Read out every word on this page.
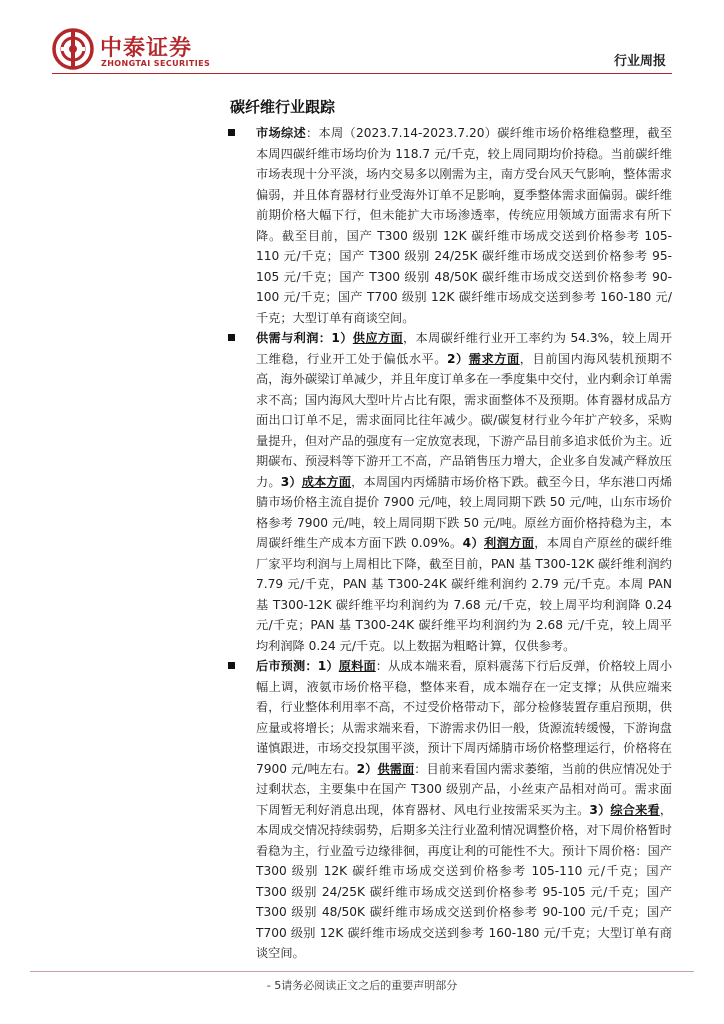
中泰证券
ZHONGTAI SECURITIES	行业周报
碳纤维行业跟踪
市场综述：本周（2023.7.14-2023.7.20）碳纤维市场价格维稳整理，截至本周四碳纤维市场均价为 118.7 元/千克，较上周同期均价持稳。当前碳纤维市场表现十分平淡，场内交易多以刚需为主，南方受台风天气影响，整体需求偏弱，并且体育器材行业受海外订单不足影响，夏季整体需求面偏弱。碳纤维前期价格大幅下行，但未能扩大市场渗透率，传统应用领域方面需求有所下降。截至目前，国产 T300 级别 12K 碳纤维市场成交送到价格参考 105-110 元/千克；国产 T300 级别 24/25K 碳纤维市场成交送到价格参考 95-105 元/千克；国产 T300 级别 48/50K 碳纤维市场成交送到价格参考 90-100 元/千克；国产 T700 级别 12K 碳纤维市场成交送到参考 160-180 元/千克；大型订单有商谈空间。
供需与利润：1）供应方面，本周碳纤维行业开工率约为 54.3%，较上周开工维稳，行业开工处于偏低水平。2）需求方面，目前国内海风装机预期不高，海外碳梁订单减少，并且年度订单多在一季度集中交付，业内剩余订单需求不高；国内海风大型叶片占比有限，需求面整体不及预期。体育器材成品方面出口订单不足，需求面同比往年减少。碳/碳复材行业今年扩产较多，采购量提升，但对产品的强度有一定放宽表现，下游产品目前多追求低价为主。近期碳布、预浸料等下游开工不高，产品销售压力增大，企业多自发减产释放压力。3）成本方面，本周国内丙烯腈市场价格下跌。截至今日，华东港口丙烯腈市场价格主流自提价 7900 元/吨，较上周同期下跌 50 元/吨，山东市场价格参考 7900 元/吨，较上周同期下跌 50 元/吨。原丝方面价格持稳为主，本周碳纤维生产成本方面下跌 0.09%。4）利润方面，本周自产原丝的碳纤维厂家平均利润与上周相比下降，截至目前，PAN 基 T300-12K 碳纤维利润约 7.79 元/千克，PAN 基 T300-24K 碳纤维利润约 2.79 元/千克。本周 PAN 基 T300-12K 碳纤维平均利润约为 7.68 元/千克，较上周平均利润降 0.24 元/千克；PAN 基 T300-24K 碳纤维平均利润约为 2.68 元/千克，较上周平均利润降 0.24 元/千克。以上数据为粗略计算，仅供参考。
后市预测：1）原料面：从成本端来看，原料震荡下行后反弹，价格较上周小幅上调，液氨市场价格平稳，整体来看，成本端存在一定支撑；从供应端来看，行业整体利用率不高，不过受价格带动下，部分检修装置存重启预期，供应量或将增长；从需求端来看，下游需求仍旧一般，货源流转缓慢，下游询盘谨慎跟进，市场交投氛围平淡，预计下周丙烯腈市场价格整理运行，价格将在 7900 元/吨左右。2）供需面：目前来看国内需求萎缩，当前的供应情况处于过剩状态，主要集中在国产 T300 级别产品，小丝束产品相对尚可。需求面下周暂无利好消息出现，体育器材、风电行业按需采买为主。3）综合来看，本周成交情况持续弱势，后期多关注行业盈利情况调整价格，对下周价格暂时看稳为主，行业盈亏边缘徘徊，再度让利的可能性不大。预计下周价格：国产 T300 级别 12K 碳纤维市场成交送到价格参考 105-110 元/千克；国产 T300 级别 24/25K 碳纤维市场成交送到价格参考 95-105 元/千克；国产 T300 级别 48/50K 碳纤维市场成交送到价格参考 90-100 元/千克；国产 T700 级别 12K 碳纤维市场成交送到参考 160-180 元/千克；大型订单有商谈空间。
- 5请务必阅读正文之后的重要声明部分
